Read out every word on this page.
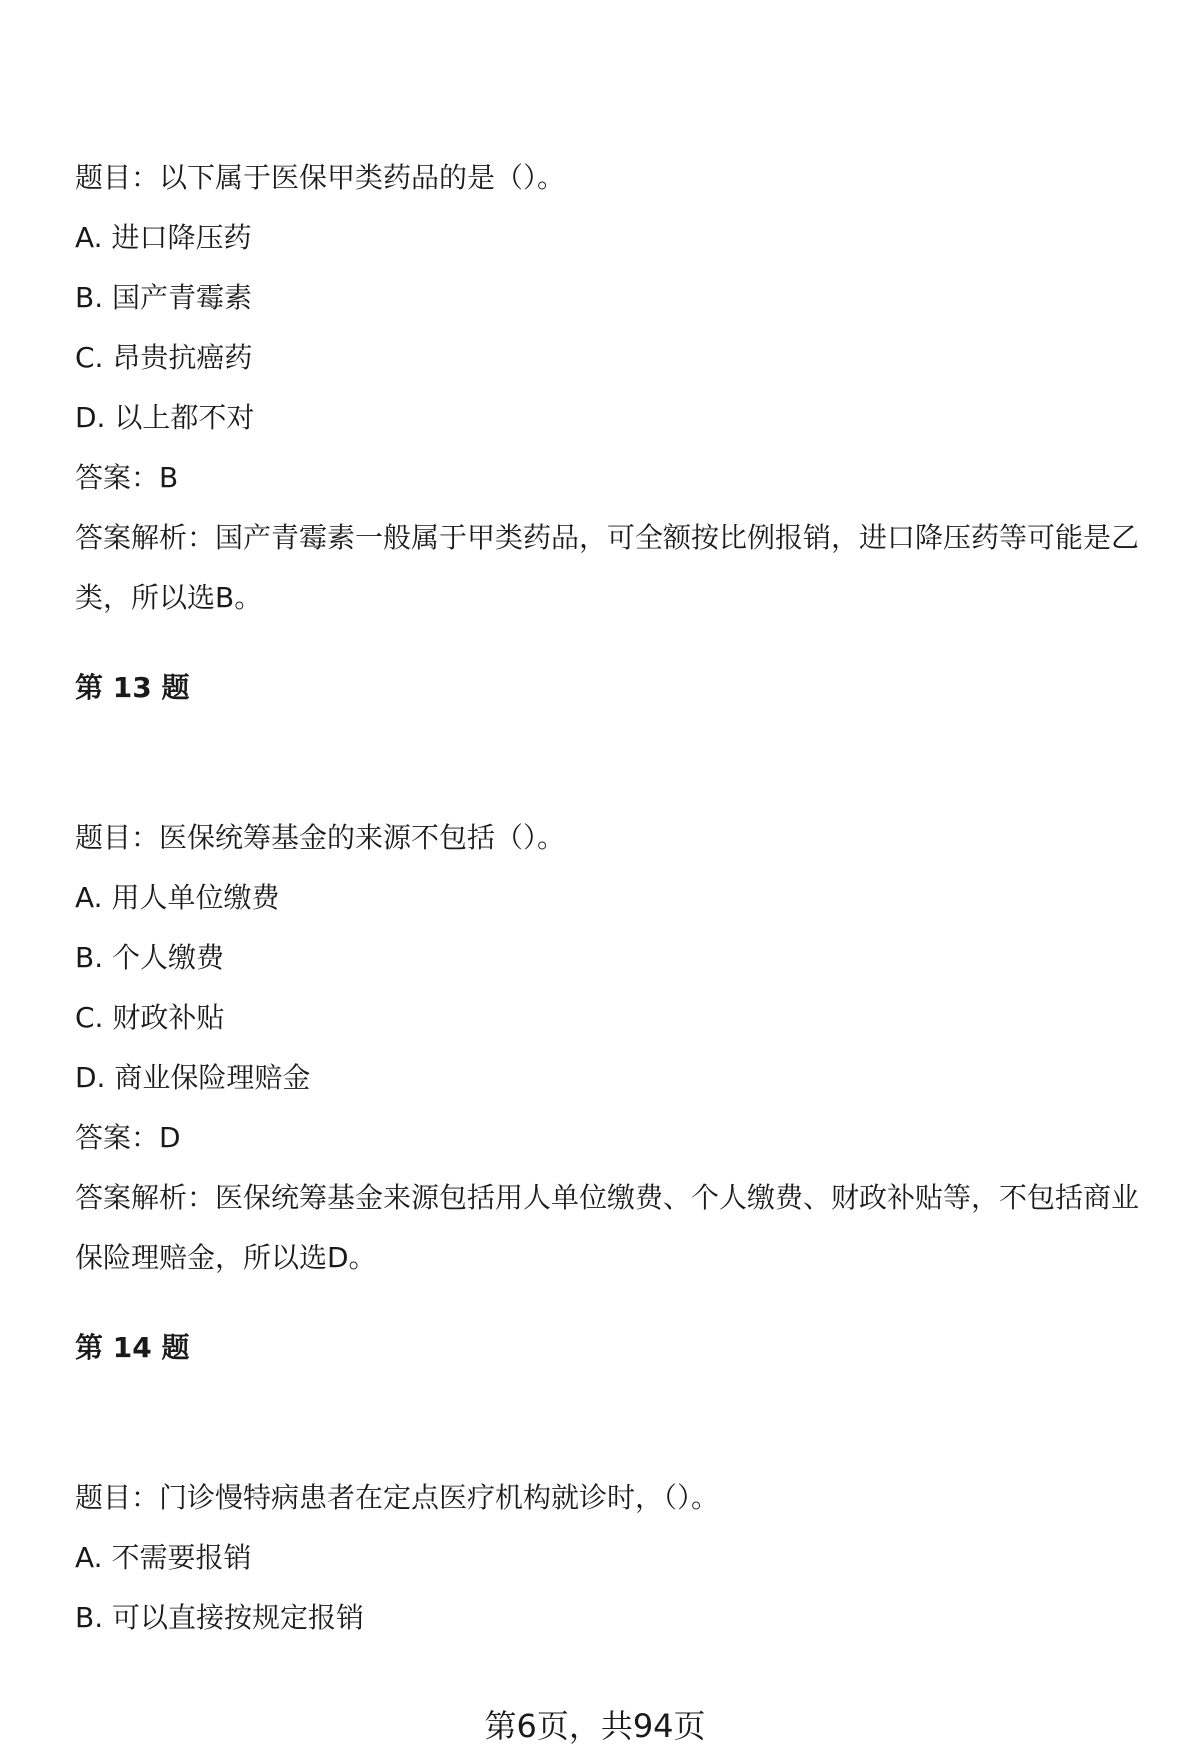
题目：以下属于医保甲类药品的是（）。
A. 进口降压药
B. 国产青霉素
C. 昂贵抗癌药
D. 以上都不对
答案：B
答案解析：国产青霉素一般属于甲类药品，可全额按比例报销，进口降压药等可能是乙类，所以选B。
第 13 题
题目：医保统筹基金的来源不包括（）。
A. 用人单位缴费
B. 个人缴费
C. 财政补贴
D. 商业保险理赔金
答案：D
答案解析：医保统筹基金来源包括用人单位缴费、个人缴费、财政补贴等，不包括商业保险理赔金，所以选D。
第 14 题
题目：门诊慢特病患者在定点医疗机构就诊时，（）。
A. 不需要报销
B. 可以直接按规定报销
第6页，共94页
